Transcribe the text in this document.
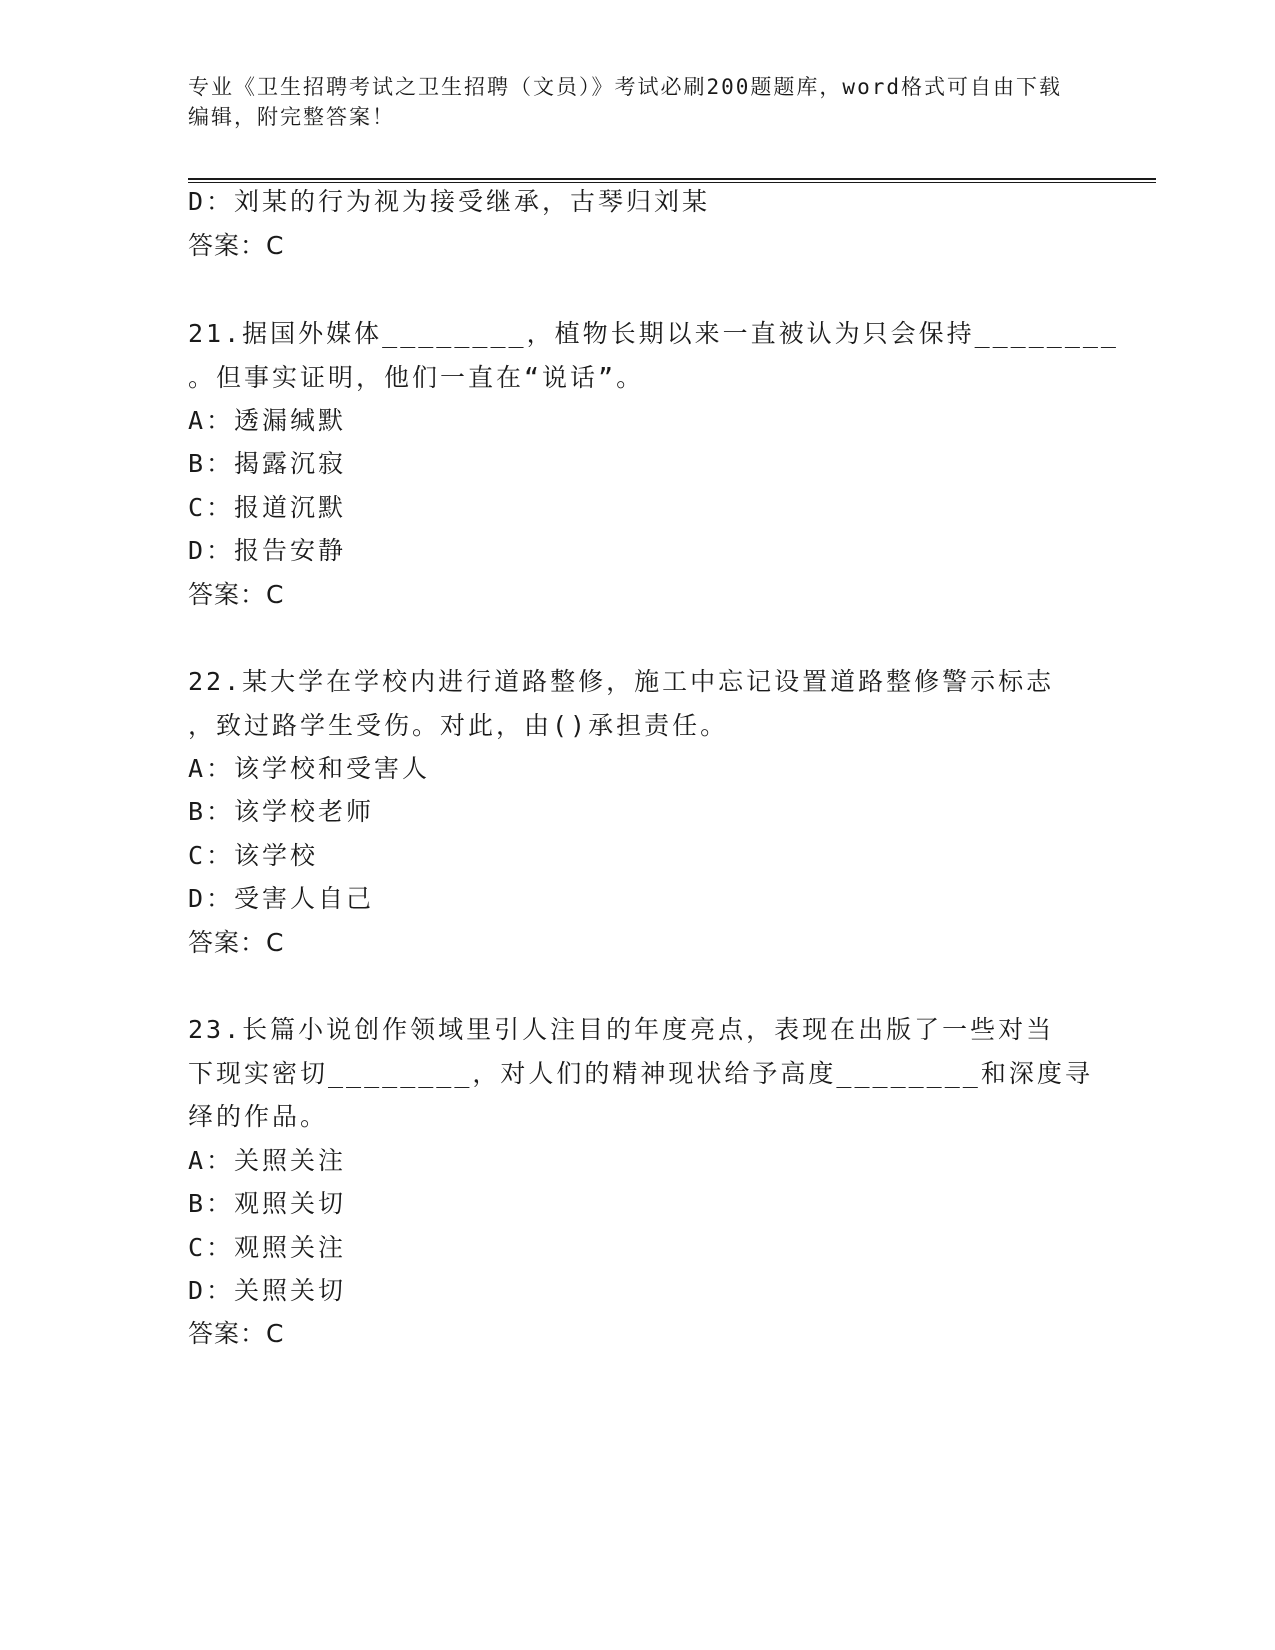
专业《卫生招聘考试之卫生招聘（文员）》考试必刷200题题库，word格式可自由下载编辑，附完整答案！
D：刘某的行为视为接受继承，古琴归刘某
答案：C
21.据国外媒体________，植物长期以来一直被认为只会保持________
。但事实证明，他们一直在“说话”。
A：透漏缄默
B：揭露沉寂
C：报道沉默
D：报告安静
答案：C
22.某大学在学校内进行道路整修，施工中忘记设置道路整修警示标志
，致过路学生受伤。对此，由()承担责任。
A：该学校和受害人
B：该学校老师
C：该学校
D：受害人自己
答案：C
23.长篇小说创作领域里引人注目的年度亮点，表现在出版了一些对当
下现实密切________，对人们的精神现状给予高度________和深度寻
绎的作品。
A：关照关注
B：观照关切
C：观照关注
D：关照关切
答案：C
